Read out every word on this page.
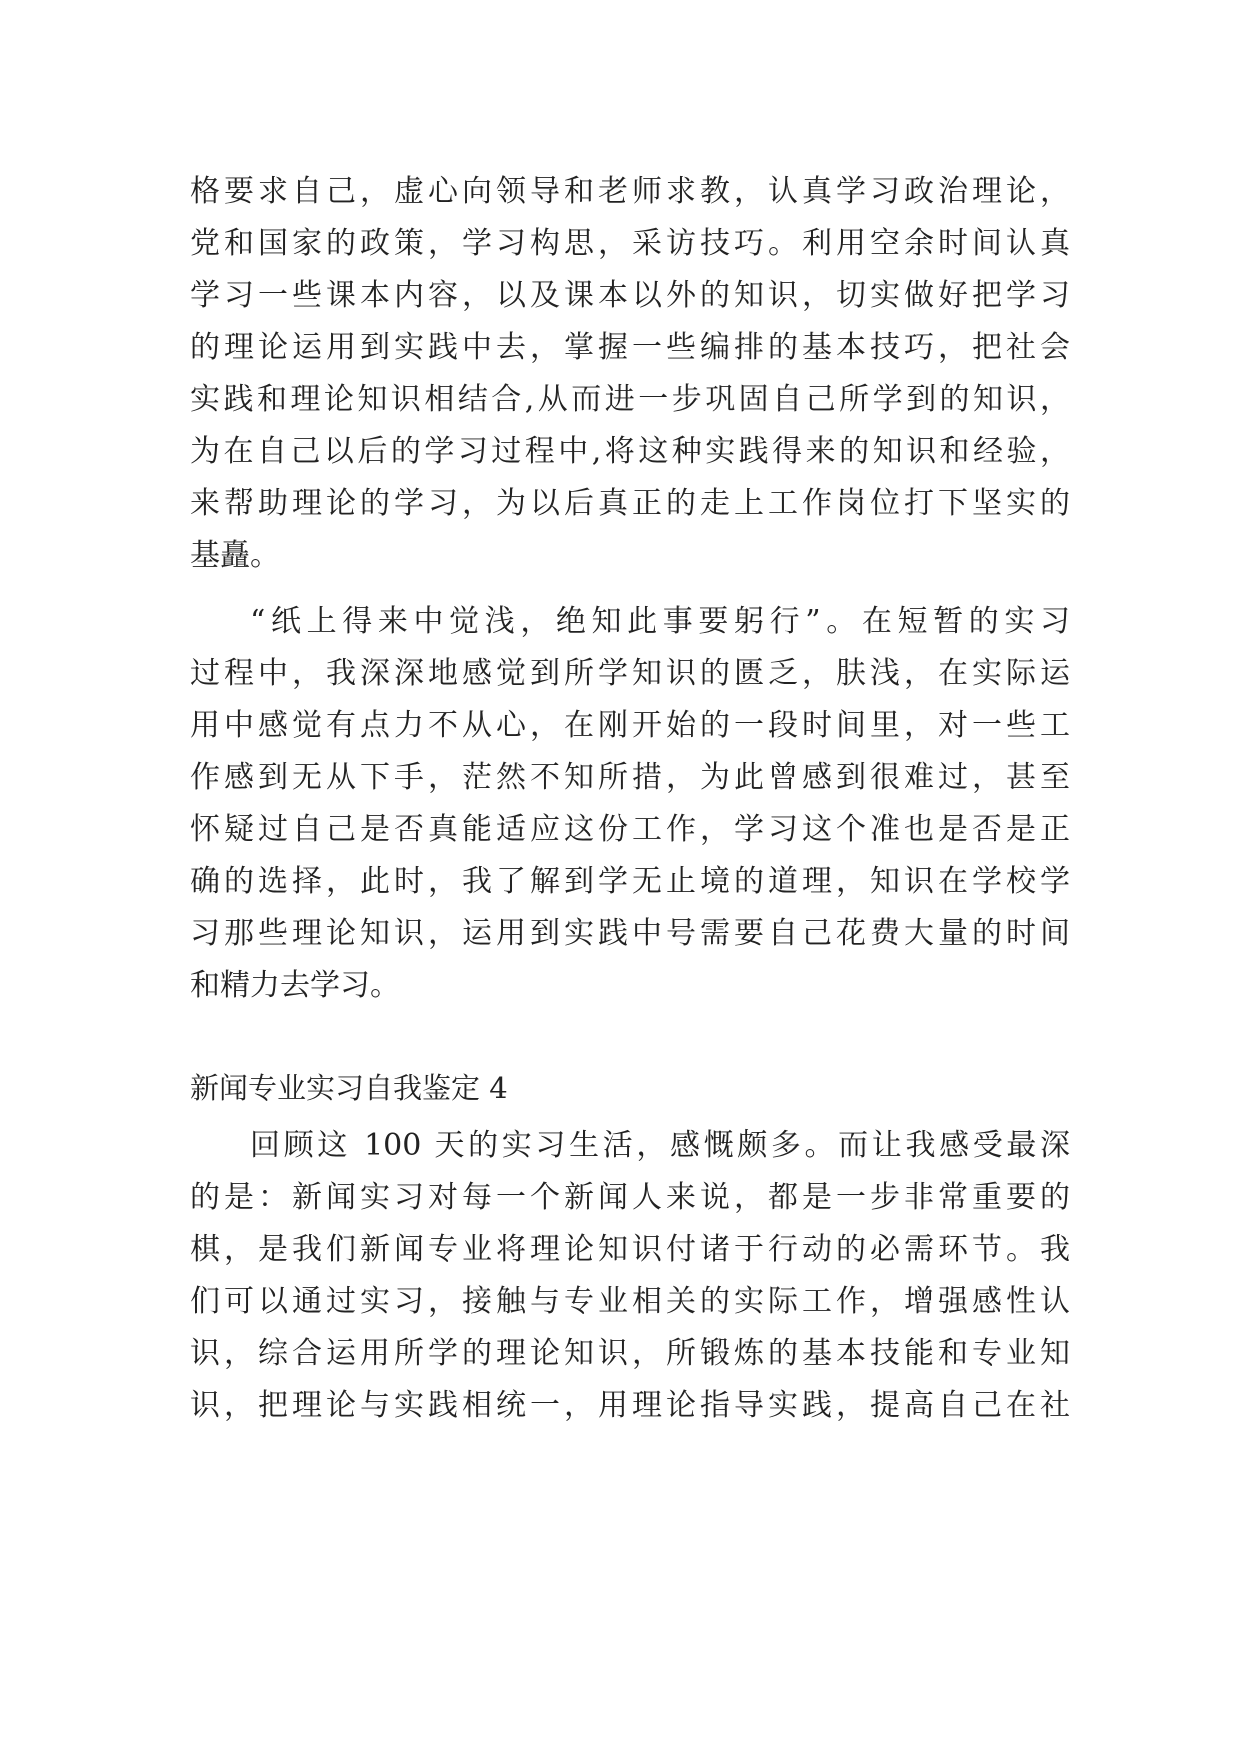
格要求自己，虚心向领导和老师求教，认真学习政治理论，
党和国家的政策，学习构思，采访技巧。利用空余时间认真
学习一些课本内容，以及课本以外的知识，切实做好把学习
的理论运用到实践中去，掌握一些编排的基本技巧，把社会
实践和理论知识相结合,从而进一步巩固自己所学到的知识，
为在自己以后的学习过程中,将这种实践得来的知识和经验，
来帮助理论的学习，为以后真正的走上工作岗位打下坚实的
基矗。
“纸上得来中觉浅，绝知此事要躬行”。在短暂的实习
过程中，我深深地感觉到所学知识的匮乏，肤浅，在实际运
用中感觉有点力不从心，在刚开始的一段时间里，对一些工
作感到无从下手，茫然不知所措，为此曾感到很难过，甚至
怀疑过自己是否真能适应这份工作，学习这个准也是否是正
确的选择，此时，我了解到学无止境的道理，知识在学校学
习那些理论知识，运用到实践中号需要自己花费大量的时间
和精力去学习。
新闻专业实习自我鉴定 4
回顾这 100 天的实习生活，感慨颇多。而让我感受最深
的是：新闻实习对每一个新闻人来说，都是一步非常重要的
棋，是我们新闻专业将理论知识付诸于行动的必需环节。我
们可以通过实习，接触与专业相关的实际工作，增强感性认
识，综合运用所学的理论知识，所锻炼的基本技能和专业知
识，把理论与实践相统一，用理论指导实践，提高自己在社
